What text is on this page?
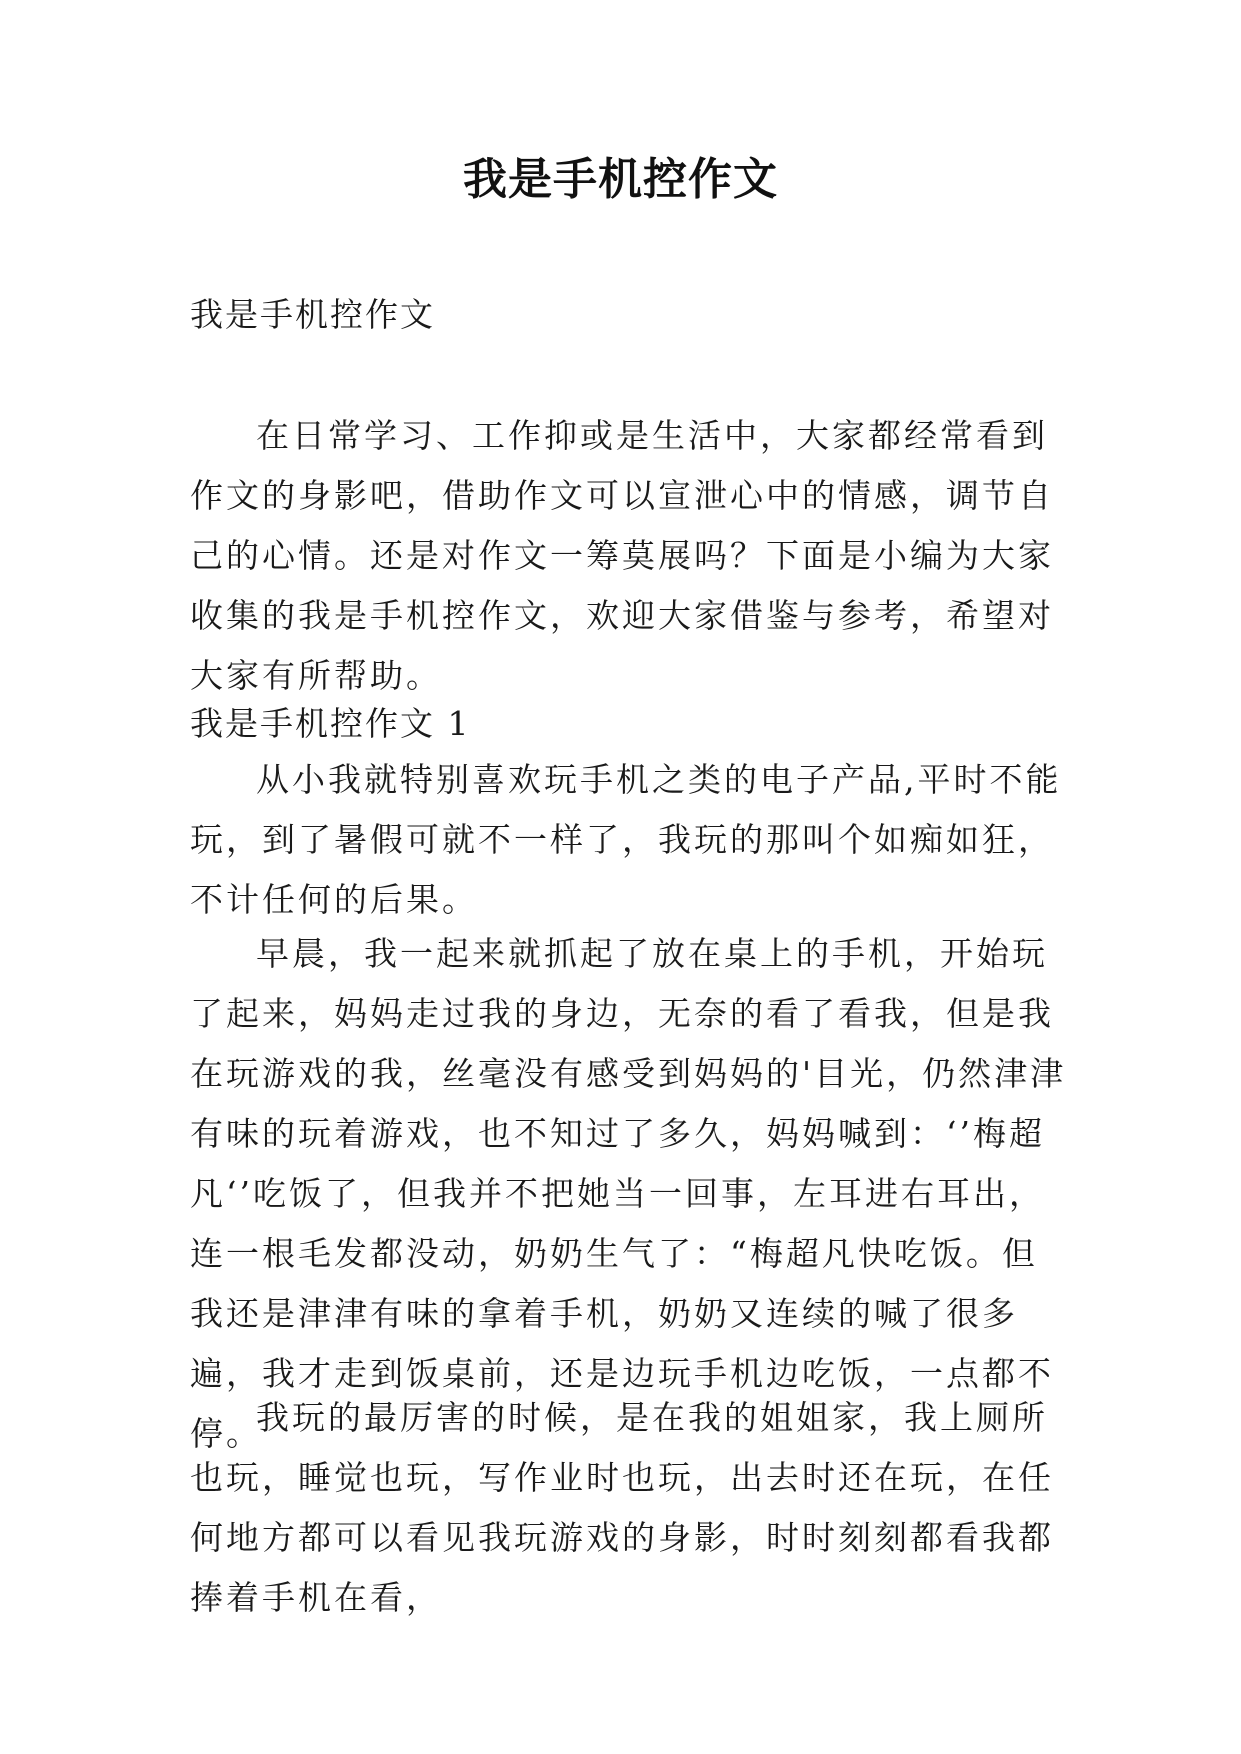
我是手机控作文
我是手机控作文
在日常学习、工作抑或是生活中，大家都经常看到作文的身影吧，借助作文可以宣泄心中的情感，调节自己的心情。还是对作文一筹莫展吗？下面是小编为大家收集的我是手机控作文，欢迎大家借鉴与参考，希望对大家有所帮助。
我是手机控作文 1
从小我就特别喜欢玩手机之类的电子产品,平时不能玩，到了暑假可就不一样了，我玩的那叫个如痴如狂，不计任何的后果。
早晨，我一起来就抓起了放在桌上的手机，开始玩了起来，妈妈走过我的身边，无奈的看了看我，但是我在玩游戏的我，丝毫没有感受到妈妈的'目光，仍然津津有味的玩着游戏，也不知过了多久，妈妈喊到：‘’梅超凡‘’吃饭了，但我并不把她当一回事，左耳进右耳出，连一根毛发都没动，奶奶生气了：“梅超凡快吃饭。但我还是津津有味的拿着手机，奶奶又连续的喊了很多遍，我才走到饭桌前，还是边玩手机边吃饭，一点都不停。
我玩的最厉害的时候，是在我的姐姐家，我上厕所也玩，睡觉也玩，写作业时也玩，出去时还在玩，在任何地方都可以看见我玩游戏的身影，时时刻刻都看我都捧着手机在看，
